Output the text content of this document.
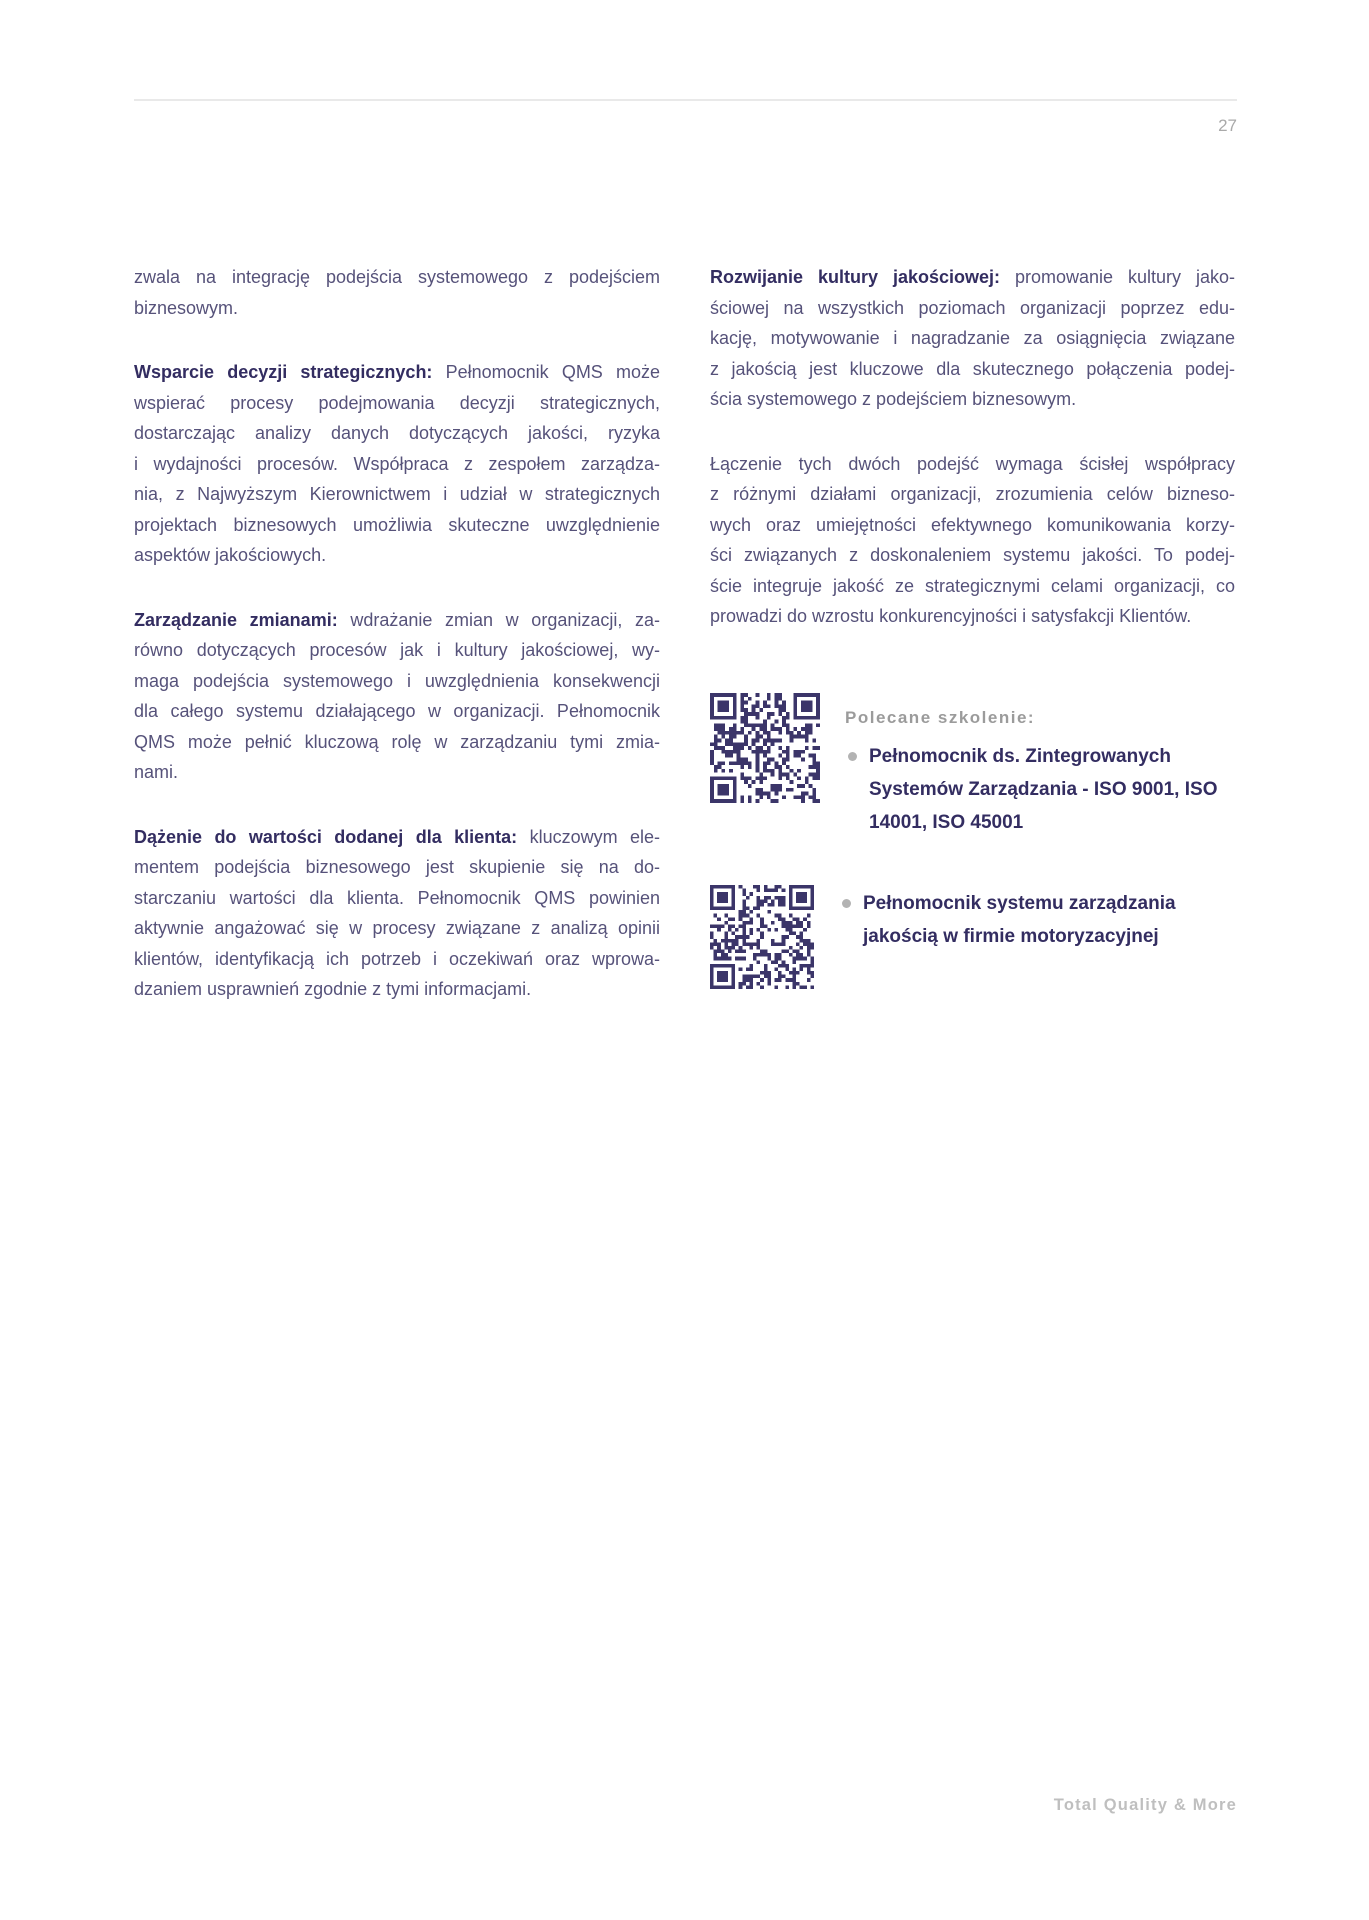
27
zwala na integrację podejścia systemowego z podejściem
biznesowym.
Wsparcie decyzji strategicznych: Pełnomocnik QMS może
wspierać procesy podejmowania decyzji strategicznych,
dostarczając analizy danych dotyczących jakości, ryzyka
i wydajności procesów. Współpraca z zespołem zarządza-
nia, z Najwyższym Kierownictwem i udział w strategicznych
projektach biznesowych umożliwia skuteczne uwzględnienie
aspektów jakościowych.
Zarządzanie zmianami: wdrażanie zmian w organizacji, za-
równo dotyczących procesów jak i kultury jakościowej, wy-
maga podejścia systemowego i uwzględnienia konsekwencji
dla całego systemu działającego w organizacji. Pełnomocnik
QMS może pełnić kluczową rolę w zarządzaniu tymi zmia-
nami.
Dążenie do wartości dodanej dla klienta: kluczowym ele-
mentem podejścia biznesowego jest skupienie się na do-
starczaniu wartości dla klienta. Pełnomocnik QMS powinien
aktywnie angażować się w procesy związane z analizą opinii
klientów, identyfikacją ich potrzeb i oczekiwań oraz wprowa-
dzaniem usprawnień zgodnie z tymi informacjami.
Rozwijanie kultury jakościowej: promowanie kultury jako-
ściowej na wszystkich poziomach organizacji poprzez edu-
kację, motywowanie i nagradzanie za osiągnięcia związane
z jakością jest kluczowe dla skutecznego połączenia podej-
ścia systemowego z podejściem biznesowym.
Łączenie tych dwóch podejść wymaga ścisłej współpracy
z różnymi działami organizacji, zrozumienia celów bizneso-
wych oraz umiejętności efektywnego komunikowania korzy-
ści związanych z doskonaleniem systemu jakości. To podej-
ście integruje jakość ze strategicznymi celami organizacji, co
prowadzi do wzrostu konkurencyjności i satysfakcji Klientów.
Polecane szkolenie:
Pełnomocnik ds. Zintegrowanych Systemów Zarządzania - ISO 9001, ISO 14001, ISO 45001
Pełnomocnik systemu zarządzania jakością w firmie motoryzacyjnej
Total Quality & More
